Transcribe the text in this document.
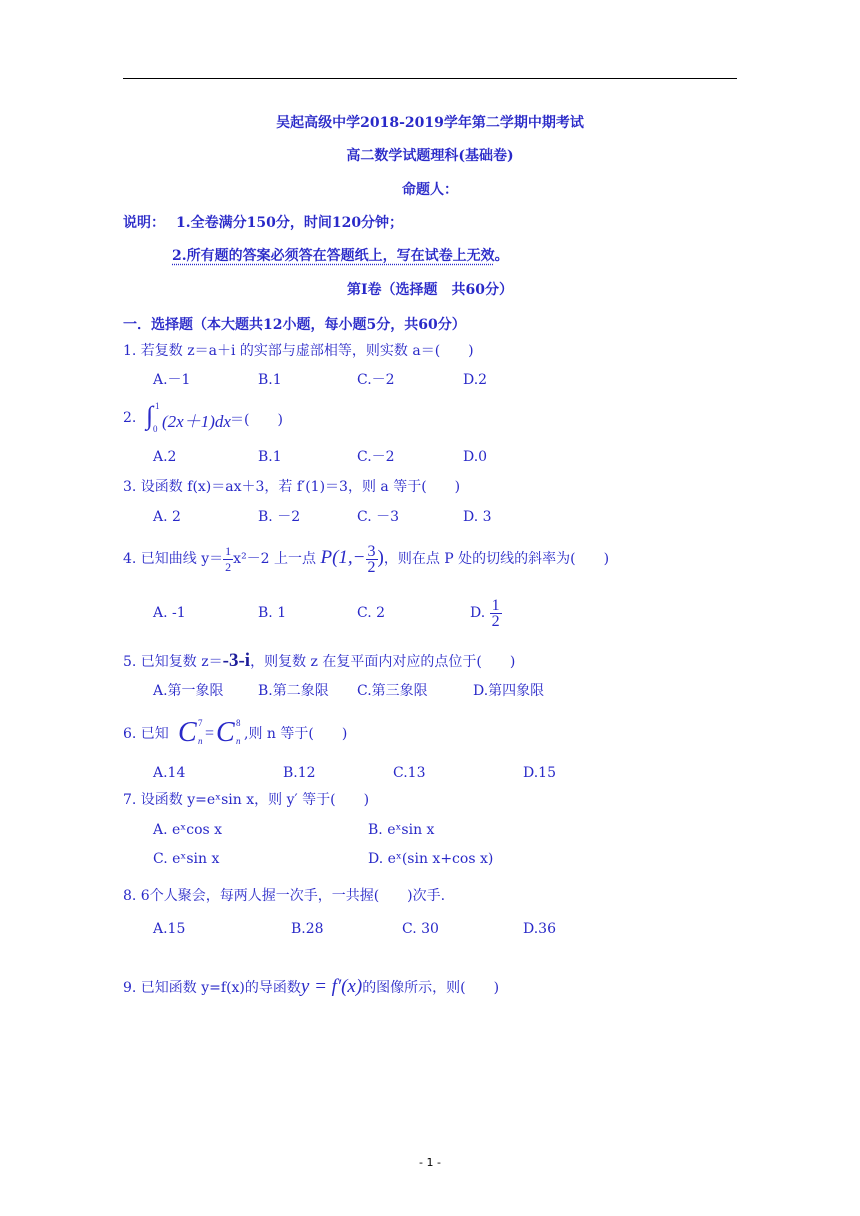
吴起高级中学2018-2019学年第二学期中期考试
高二数学试题理科(基础卷)
命题人：
说明： 1.全卷满分150分，时间120分钟；
2.所有题的答案必须答在答题纸上，写在试卷上无效。
第Ⅰ卷（选择题　共60分）
一．选择题（本大题共12小题，每小题5分，共60分）
1. 若复数 z＝a＋i 的实部与虚部相等，则实数 a＝(　　)
A.－1	B.1	C.－2	D.2
2. ∫ 1
0 (2x＋1)dx ＝(　　)
A.2	B.1	C.－2	D.0
3. 设函数 f(x)＝ax＋3，若 f′(1)＝3，则 a 等于(　　)
A. 2	B. －2	C. －3	D. 3
4. 已知曲线 $y= \frac{1}{2} x^2-2$ 上一点 $P(1,- \frac{3}{2}$ )，则在点 P 处的切线的斜率为(　　)
A. -1	B. 1	C. 2	D. $\frac{1}{2}$
5. 已知复数 z＝-3-i，则复数 z 在复平面内对应的点位于(　　)
A.第一象限 B.第二象限 C.第三象限	D.第四象限
6. 已知 C 7
n = C 8
n ,则 n 等于(　　)
A.14	B.12	C.13	D.15
7. 设函数 y=eˣsin x，则 y′ 等于(　　)
A. eˣcos x	B. eˣsin x
C. eˣsin x	D. eˣ(sin x+cos x)
8. 6个人聚会，每两人握一次手，一共握(　　)次手.
A.15	B.28	C. 30	D.36
9. 已知函数 y=f(x)的导函数y = f′(x)的图像所示，则(　　)
- 1 -
